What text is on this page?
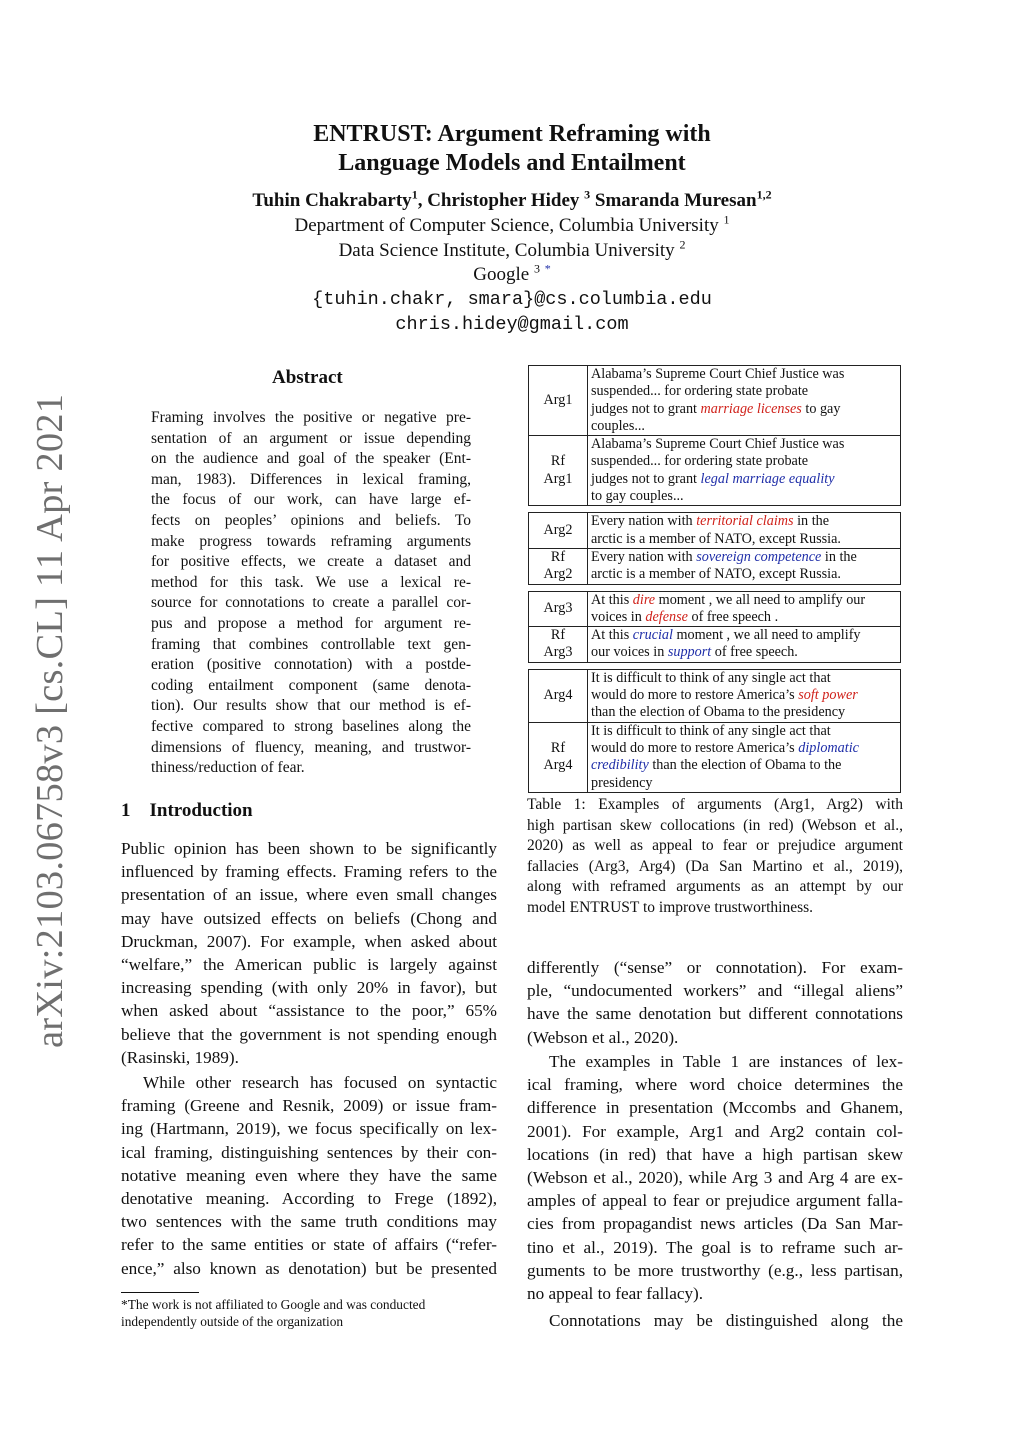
arXiv:2103.06758v3 [cs.CL] 11 Apr 2021
ENTRUST: Argument Reframing with
Language Models and Entailment
Tuhin Chakrabarty$^1$, Christopher Hidey $^3$ Smaranda Muresan$^{1,2}$
Department of Computer Science, Columbia University $^1$
Data Science Institute, Columbia University $^2$
Google $^3$ *
{tuhin.chakr, smara}@cs.columbia.edu
chris.hidey@gmail.com
Abstract
Framing involves the positive or negative pre-
sentation of an argument or issue depending
on the audience and goal of the speaker (Ent-
man, 1983). Differences in lexical framing,
the focus of our work, can have large ef-
fects on peoples’ opinions and beliefs. To
make progress towards reframing arguments
for positive effects, we create a dataset and
method for this task. We use a lexical re-
source for connotations to create a parallel cor-
pus and propose a method for argument re-
framing that combines controllable text gen-
eration (positive connotation) with a postde-
coding entailment component (same denota-
tion). Our results show that our method is ef-
fective compared to strong baselines along the
dimensions of fluency, meaning, and trustwor-
thiness/reduction of fear.
1 Introduction
Public opinion has been shown to be significantly
influenced by framing effects. Framing refers to the
presentation of an issue, where even small changes
may have outsized effects on beliefs (Chong and
Druckman, 2007). For example, when asked about
“welfare,” the American public is largely against
increasing spending (with only 20% in favor), but
when asked about “assistance to the poor,” 65%
believe that the government is not spending enough
(Rasinski, 1989).
While other research has focused on syntactic
framing (Greene and Resnik, 2009) or issue fram-
ing (Hartmann, 2019), we focus specifically on lex-
ical framing, distinguishing sentences by their con-
notative meaning even where they have the same
denotative meaning. According to Frege (1892),
two sentences with the same truth conditions may
refer to the same entities or state of affairs (“refer-
ence,” also known as denotation) but be presented
*The work is not affiliated to Google and was conducted
independently outside of the organization
Arg1	Alabama’s Supreme Court Chief Justice was
suspended... for ordering state probate
judges not to grant marriage licenses to gay
couples...
Rf
Arg1	Alabama’s Supreme Court Chief Justice was
suspended... for ordering state probate
judges not to grant legal marriage equality
to gay couples...

Arg2	Every nation with territorial claims in the
arctic is a member of NATO, except Russia.
Rf
Arg2	Every nation with sovereign competence in the
arctic is a member of NATO, except Russia.

Arg3	At this dire moment , we all need to amplify our
voices in defense of free speech .
Rf
Arg3	At this crucial moment , we all need to amplify
our voices in support of free speech.

Arg4	It is difficult to think of any single act that
would do more to restore America’s soft power
than the election of Obama to the presidency
Rf
Arg4	It is difficult to think of any single act that
would do more to restore America’s diplomatic
credibility than the election of Obama to the
presidency
Table 1: Examples of arguments (Arg1, Arg2) with
high partisan skew collocations (in red) (Webson et al.,
2020) as well as appeal to fear or prejudice argument
fallacies (Arg3, Arg4) (Da San Martino et al., 2019),
along with reframed arguments as an attempt by our
model ENTRUST to improve trustworthiness.
differently (“sense” or connotation). For exam-
ple, “undocumented workers” and “illegal aliens”
have the same denotation but different connotations
(Webson et al., 2020).
The examples in Table 1 are instances of lex-
ical framing, where word choice determines the
difference in presentation (Mccombs and Ghanem,
2001). For example, Arg1 and Arg2 contain col-
locations (in red) that have a high partisan skew
(Webson et al., 2020), while Arg 3 and Arg 4 are ex-
amples of appeal to fear or prejudice argument falla-
cies from propagandist news articles (Da San Mar-
tino et al., 2019). The goal is to reframe such ar-
guments to be more trustworthy (e.g., less partisan,
no appeal to fear fallacy).
Connotations may be distinguished along the
